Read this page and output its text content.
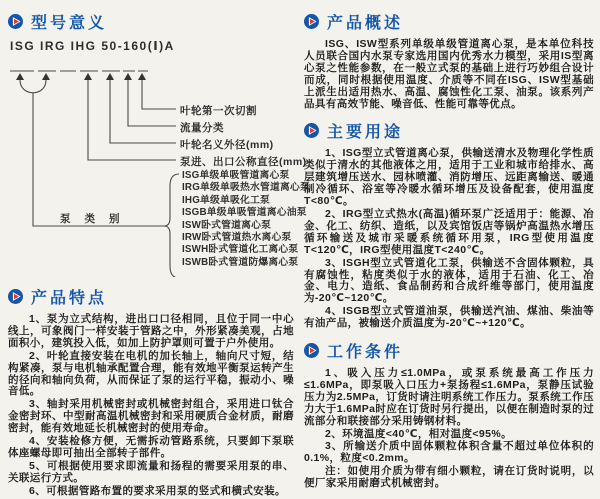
型号意义
ISG IRG IHG 50-160(Ⅰ)A
叶轮第一次切割
流量分类
叶轮名义外径(mm)
泵进、出口公称直径(mm)
泵类别
ISG单级单吸管道离心泵
IRG单级单吸热水管道离心泵
IHG单级单吸化工泵
ISGB单级单吸管道离心油泵
ISW卧式管道离心泵
IRW卧式管道热水离心泵
ISWH卧式管道化工离心泵
ISWB卧式管道防爆离心泵
产品特点

1、泵为立式结构，进出口口径相同，且位于同一中心线上，可象阀门一样安装于管路之中，外形紧凑美观，占地面积小，建筑投入低，如加上防护罩则可置于户外使用。

2、叶轮直接安装在电机的加长轴上，轴向尺寸短，结构紧凑，泵与电机轴承配置合理，能有效地平衡泵运转产生的径向和轴向负荷，从而保证了泵的运行平稳，振动小、噪音低。

3、轴封采用机械密封或机械密封组合，采用进口钛合金密封环、中型耐高温机械密封和采用硬质合金材质，耐磨密封，能有效地延长机械密封的使用寿命。

4、安装检修方便，无需拆动管路系统，只要卸下泵联体座螺母即可抽出全部转子部件。

5、可根据使用要求即流量和扬程的需要采用泵的串、关联运行方式。

6、可根据管路布置的要求采用泵的竖式和横式安装。

产品概述

ISG、ISW型系列单级单级管道离心泵，是本单位科技人员联合国内水泵专家选用国内优秀水力模型，采用IS型离心泵之性能参数，在一般立式泵的基础上进行巧妙组合设计而成，同时根据使用温度、介质等不同在ISG、ISW型基础上派生出适用热水、高温、腐蚀性化工泵、油泵。该系列产品具有高效节能、噪音低、性能可靠等优点。

主要用途

1、ISG型立式管道离心泵，供输送清水及物理化学性质类似于清水的其他液体之用，适用于工业和城市给排水、高层建筑增压送水、园林喷灌、消防增压、远距离输送、暖通制冷循环、浴室等冷暖水循环增压及设备配套，使用温度T<80℃。

2、IRG型立式热水(高温)循环泵广泛适用于：能源、冶金、化工、纺织、造纸，以及宾馆饭店等锅炉高温热水增压循环输送及城市采暖系统循环用泵，IRG型使用温度T<120℃，IRG型使用温度T<240℃。

3、ISGH型立式管道化工泵，供输送不含固体颗粒，具有腐蚀性，粘度类似于水的液体，适用于石油、化工、冶金、电力、造纸、食品制药和合成纤维等部门，使用温度为-20℃~120℃。

4、ISGB型立式管道油泵，供输送汽油、煤油、柴油等有油产品，被输送介质温度为-20℃~+120℃。

工作条件

1、吸入压力≤1.0MPa，或泵系统最高工作压力≤1.6MPa，即泵吸入口压力+泵扬程≤1.6MPa，泵静压试验压力为2.5MPa，订货时请注明系统工作压力。泵系统工作压力大于1.6MPa时应在订货时另行提出，以便在制造时泵的过流部分和联接部分采用铸钢材料。

2、环境温度<40℃，相对温度<95%。

3、所输送介质中固体颗粒体积含量不超过单位体积的0.1%，粒度<0.2mm。

注：如使用介质为带有细小颗粒，请在订货时说明，以便厂家采用耐磨式机械密封。
